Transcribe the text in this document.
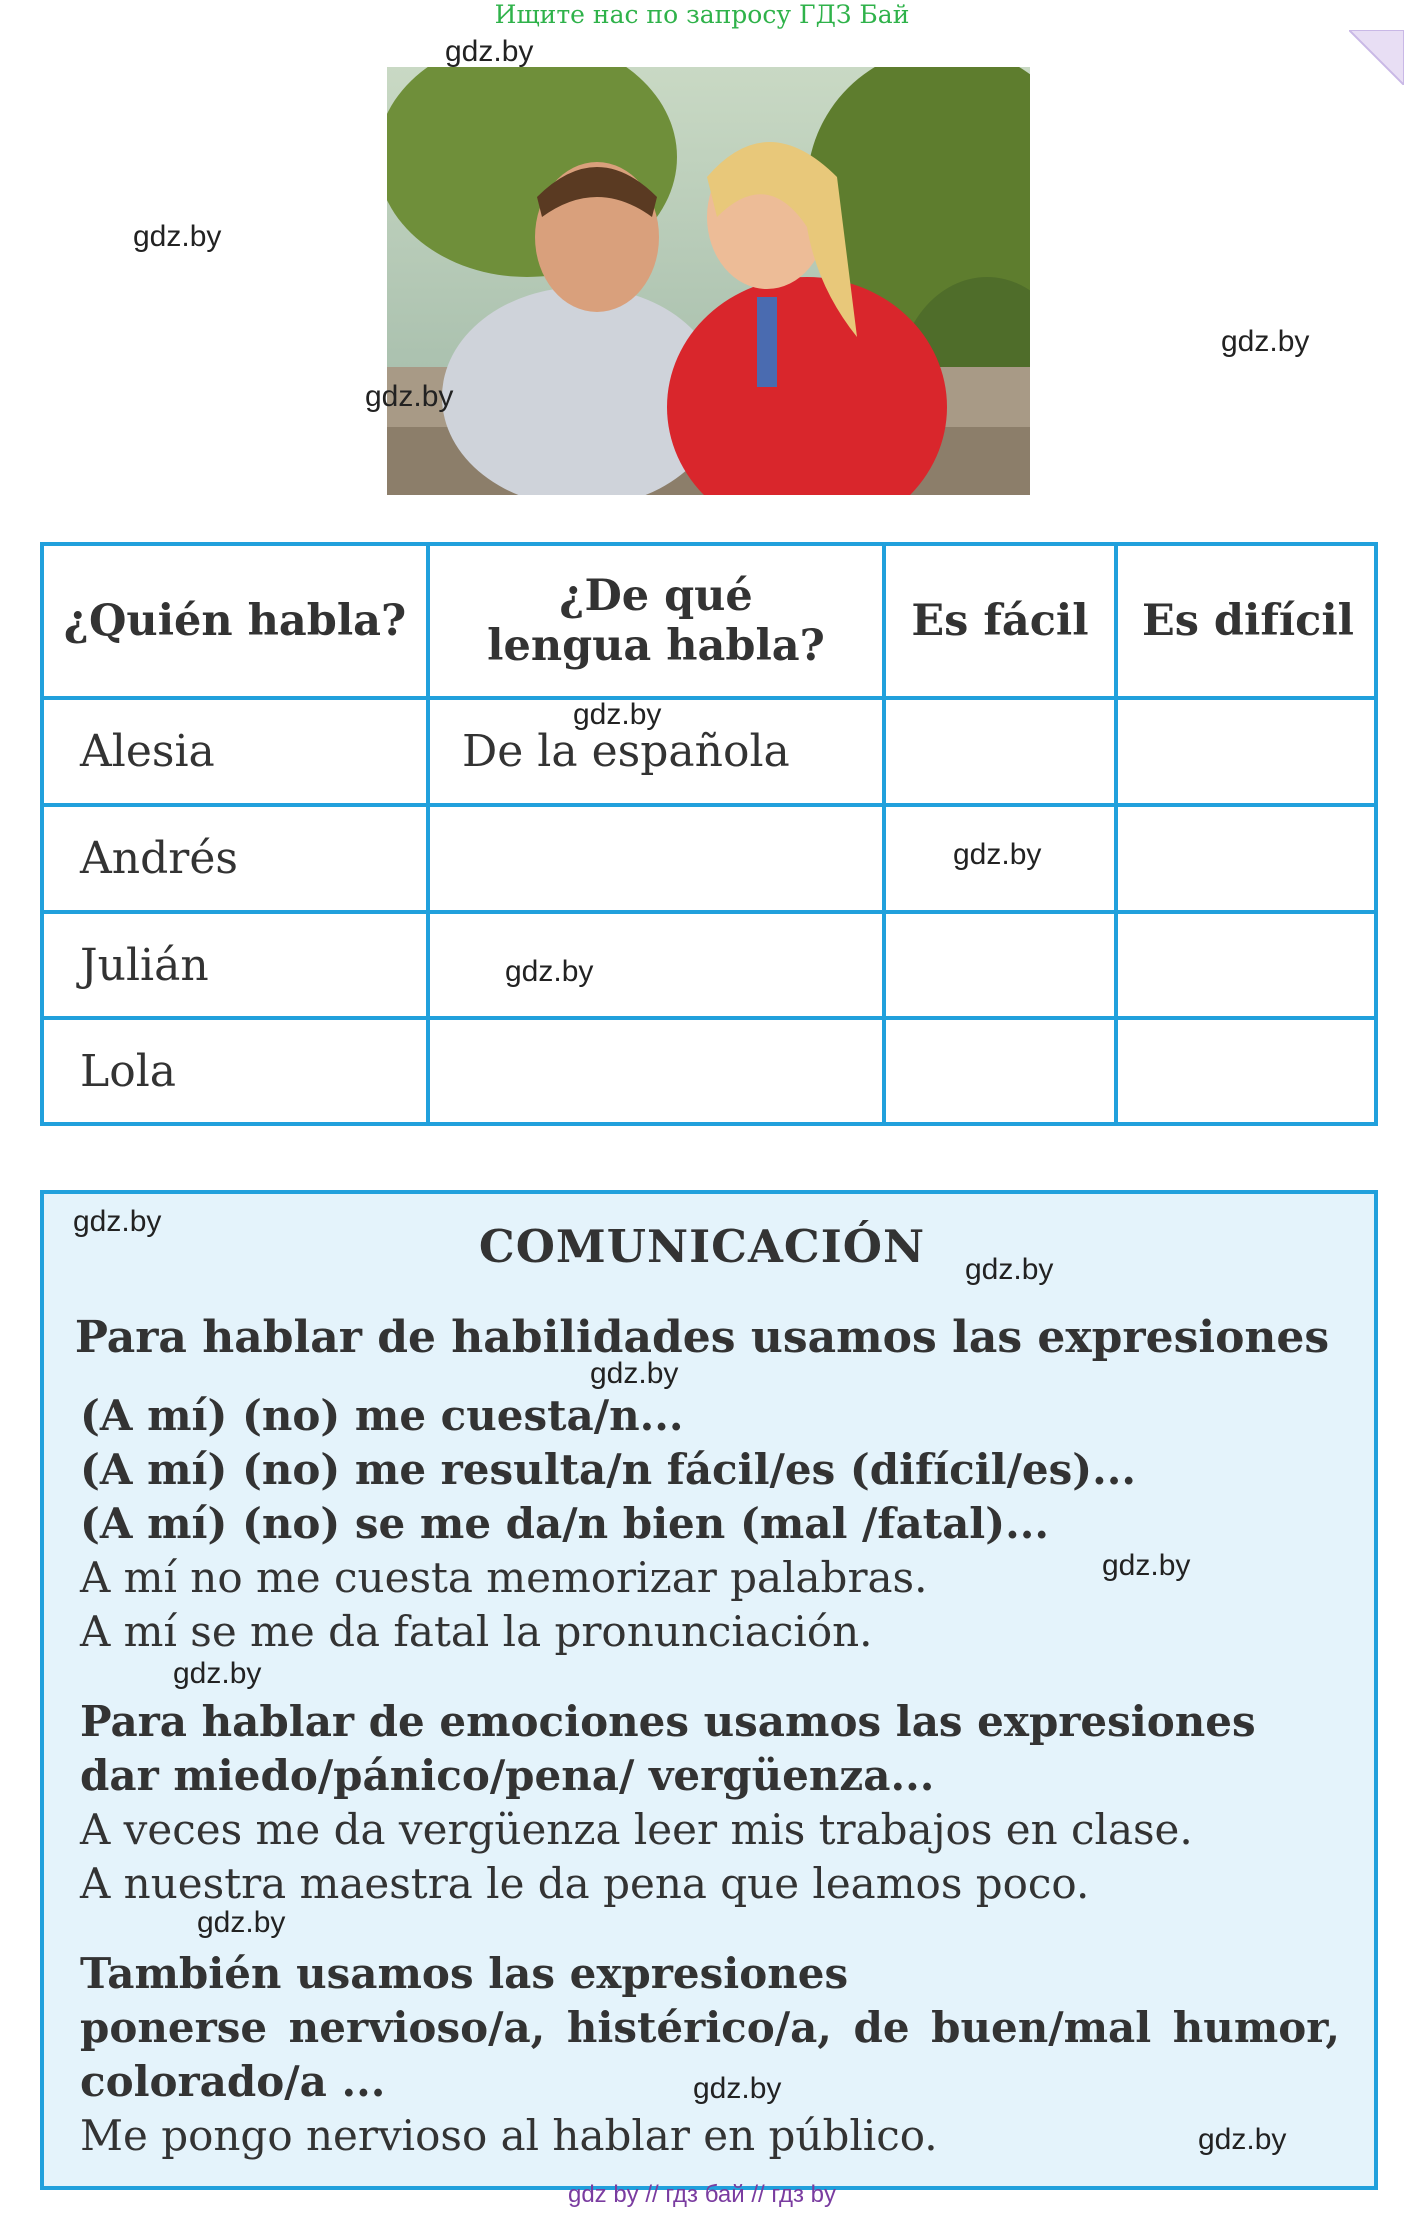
Ищите нас по запросу ГДЗ Бай
gdz.by
gdz.by
gdz.by
gdz.by
¿Quién habla?	¿De qué lengua habla?	Es fácil	Es difícil
Alesia	De la española
Andrés
Julián
Lola
gdz.by
gdz.by
gdz.by
COMUNICACIÓN
Para hablar de habilidades usamos las expresiones
(A mí) (no) me cuesta/n...
(A mí) (no) me resulta/n fácil/es (difícil/es)...
(A mí) (no) se me da/n bien (mal /fatal)...
A mí no me cuesta memorizar palabras.
A mí se me da fatal la pronunciación.
Para hablar de emociones usamos las expresiones
dar miedo/pánico/pena/ vergüenza...
A veces me da vergüenza leer mis trabajos en clase.
A nuestra maestra le da pena que leamos poco.
También usamos las expresiones
ponerse nervioso/a, histérico/a, de buen/mal humor,
colorado/a ...
Me pongo nervioso al hablar en público.
gdz.by
gdz.by
gdz.by
gdz.by
gdz.by
gdz.by
gdz.by
gdz.by
gdz by // гдз бай // гдз by
